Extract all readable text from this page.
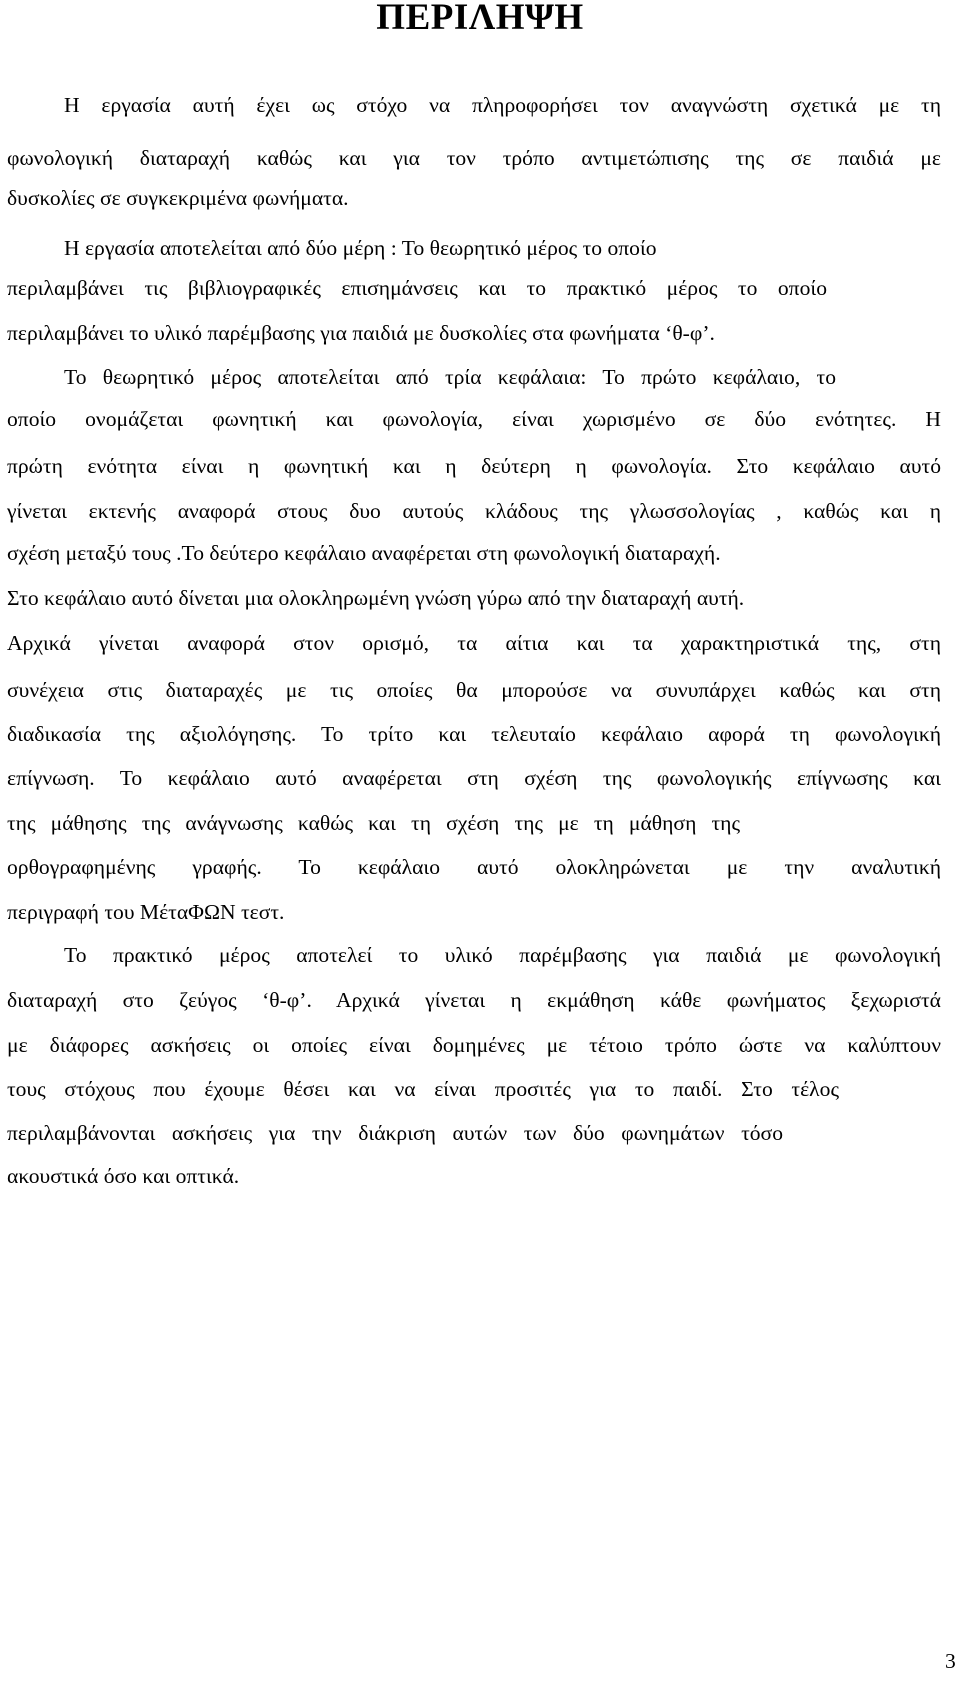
ΠΕΡΙΛΗΨΗ

Η εργασία αυτή έχει ως στόχο να πληροφορήσει τον αναγνώστη σχετικά με τη

φωνολογική διαταραχή καθώς και για τον τρόπο αντιμετώπισης της σε παιδιά με

δυσκολίες σε συγκεκριμένα φωνήματα.

Η εργασία αποτελείται από δύο μέρη : Το θεωρητικό μέρος το οποίο

περιλαμβάνει τις βιβλιογραφικές επισημάνσεις και το πρακτικό μέρος το οποίο

περιλαμβάνει το υλικό παρέμβασης για παιδιά με δυσκολίες στα φωνήματα ‘θ-φ’.

Το θεωρητικό μέρος αποτελείται από τρία κεφάλαια: Το πρώτο κεφάλαιο, το

οποίο ονομάζεται φωνητική και φωνολογία, είναι χωρισμένο σε δύο ενότητες. Η

πρώτη ενότητα είναι η φωνητική και η δεύτερη η φωνολογία. Στο κεφάλαιο αυτό

γίνεται εκτενής αναφορά στους δυο αυτούς κλάδους της γλωσσολογίας , καθώς και η

σχέση μεταξύ τους .Το δεύτερο κεφάλαιο αναφέρεται στη φωνολογική διαταραχή.

Στο κεφάλαιο αυτό δίνεται μια ολοκληρωμένη γνώση γύρω από την διαταραχή αυτή.

Αρχικά γίνεται αναφορά στον ορισμό, τα αίτια και τα χαρακτηριστικά της, στη

συνέχεια στις διαταραχές με τις οποίες θα μπορούσε να συνυπάρχει καθώς και στη

διαδικασία της αξιολόγησης. Το τρίτο και τελευταίο κεφάλαιο αφορά τη φωνολογική

επίγνωση. Το κεφάλαιο αυτό αναφέρεται στη σχέση της φωνολογικής επίγνωσης και

της μάθησης της ανάγνωσης καθώς και τη σχέση της με τη μάθηση της

ορθογραφημένης γραφής. Το κεφάλαιο αυτό ολοκληρώνεται με την αναλυτική

περιγραφή του ΜέταΦΩΝ τεστ.

Το πρακτικό μέρος αποτελεί το υλικό παρέμβασης για παιδιά με φωνολογική

διαταραχή στο ζεύγος ‘θ-φ’. Αρχικά γίνεται η εκμάθηση κάθε φωνήματος ξεχωριστά

με διάφορες ασκήσεις οι οποίες είναι δομημένες με τέτοιο τρόπο ώστε να καλύπτουν

τους στόχους που έχουμε θέσει και να είναι προσιτές για το παιδί. Στο τέλος

περιλαμβάνονται ασκήσεις για την διάκριση αυτών των δύο φωνημάτων τόσο

ακουστικά όσο και οπτικά.

3
